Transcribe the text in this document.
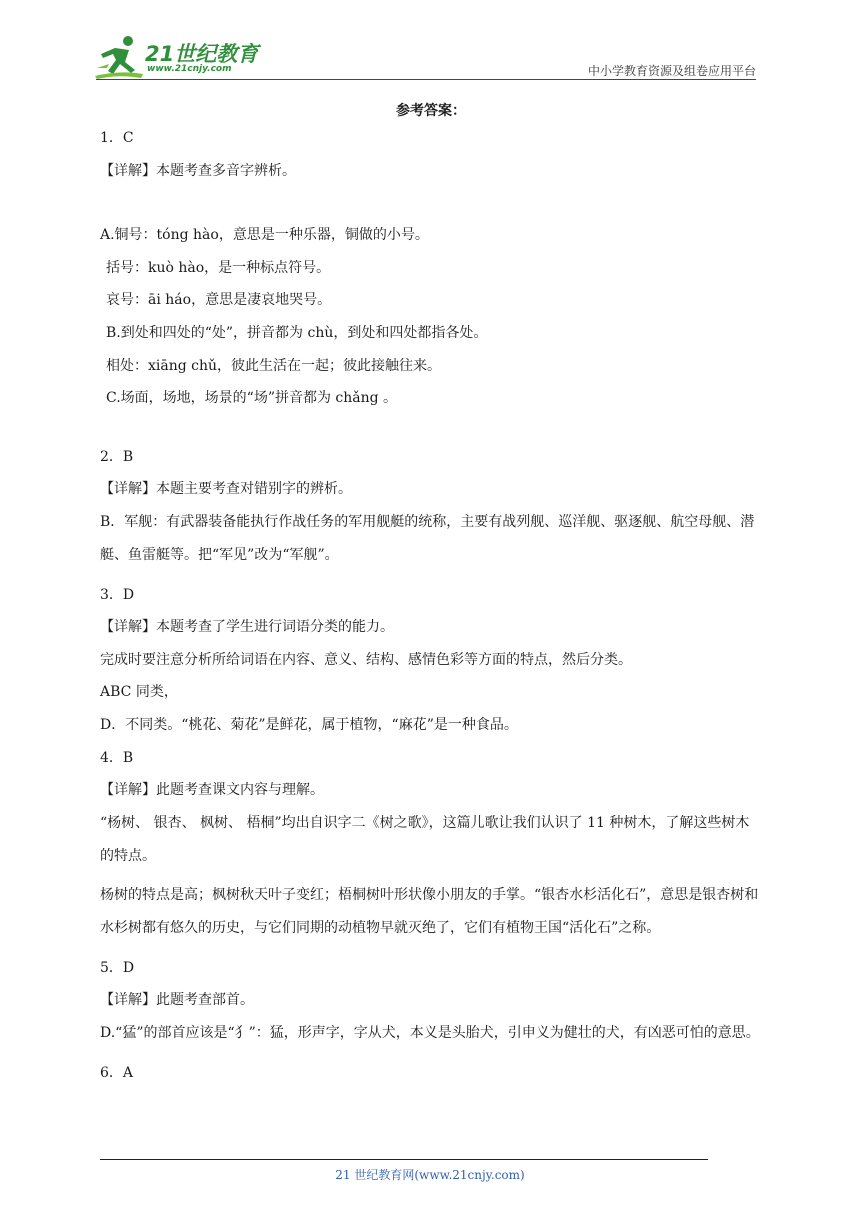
21世纪教育
www.21cnjy.com	中小学教育资源及组卷应用平台
参考答案：
1．C
【详解】本题考查多音字辨析。
A.铜号：tóng hào，意思是一种乐器，铜做的小号。
括号：kuò hào，是一种标点符号。
哀号：āi háo，意思是凄哀地哭号。
B.到处和四处的“处”，拼音都为 chù，到处和四处都指各处。
相处：xiāng chǔ，彼此生活在一起；彼此接触往来。
C.场面，场地，场景的“场”拼音都为 chǎng 。
2．B
【详解】本题主要考查对错别字的辨析。
B．军舰：有武器装备能执行作战任务的军用舰艇的统称，主要有战列舰、巡洋舰、驱逐舰、航空母舰、潜艇、鱼雷艇等。把“军见”改为“军舰”。
3．D
【详解】本题考查了学生进行词语分类的能力。
完成时要注意分析所给词语在内容、意义、结构、感情色彩等方面的特点，然后分类。
ABC 同类，
D．不同类。“桃花、菊花”是鲜花，属于植物，“麻花”是一种食品。
4．B
【详解】此题考查课文内容与理解。
“杨树、 银杏、 枫树、 梧桐”均出自识字二《树之歌》，这篇儿歌让我们认识了 11 种树木，了解这些树木的特点。
杨树的特点是高；枫树秋天叶子变红；梧桐树叶形状像小朋友的手掌。“银杏水杉活化石”，意思是银杏树和水杉树都有悠久的历史，与它们同期的动植物早就灭绝了，它们有植物王国“活化石”之称。
5．D
【详解】此题考查部首。
D.“猛”的部首应该是“犭”：猛，形声字，字从犬，本义是头胎犬，引申义为健壮的犬，有凶恶可怕的意思。
6．A
21 世纪教育网(www.21cnjy.com)
